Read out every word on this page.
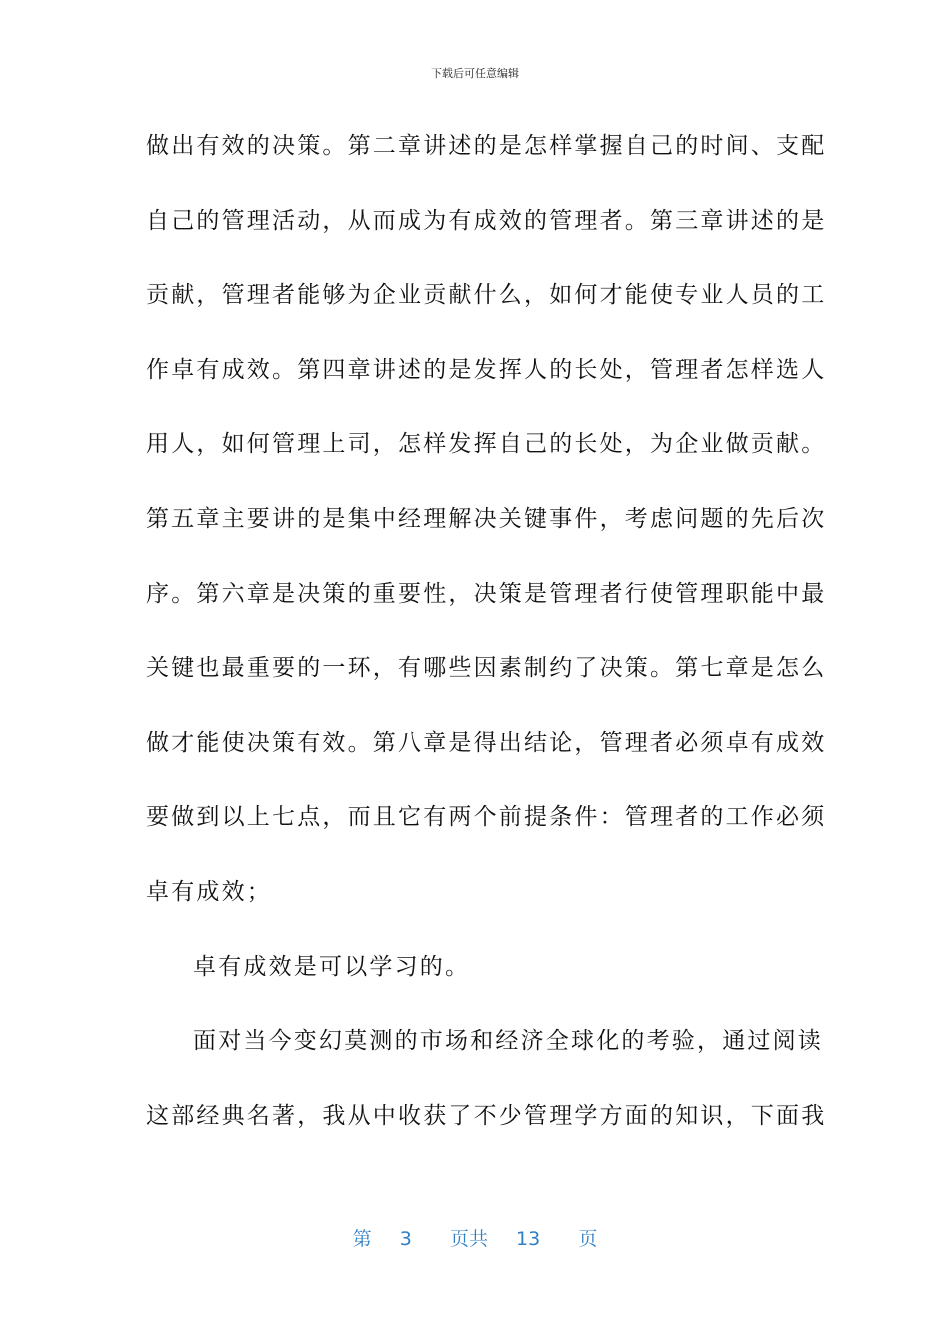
下载后可任意编辑
做出有效的决策。第二章讲述的是怎样掌握自己的时间、支配
自己的管理活动，从而成为有成效的管理者。第三章讲述的是
贡献，管理者能够为企业贡献什么，如何才能使专业人员的工
作卓有成效。第四章讲述的是发挥人的长处，管理者怎样选人
用人，如何管理上司，怎样发挥自己的长处，为企业做贡献。
第五章主要讲的是集中经理解决关键事件，考虑问题的先后次
序。第六章是决策的重要性，决策是管理者行使管理职能中最
关键也最重要的一环，有哪些因素制约了决策。第七章是怎么
做才能使决策有效。第八章是得出结论，管理者必须卓有成效
要做到以上七点，而且它有两个前提条件：管理者的工作必须
卓有成效；
卓有成效是可以学习的。
面对当今变幻莫测的市场和经济全球化的考验，通过阅读
这部经典名著，我从中收获了不少管理学方面的知识，下面我
第 3 页共 13 页
